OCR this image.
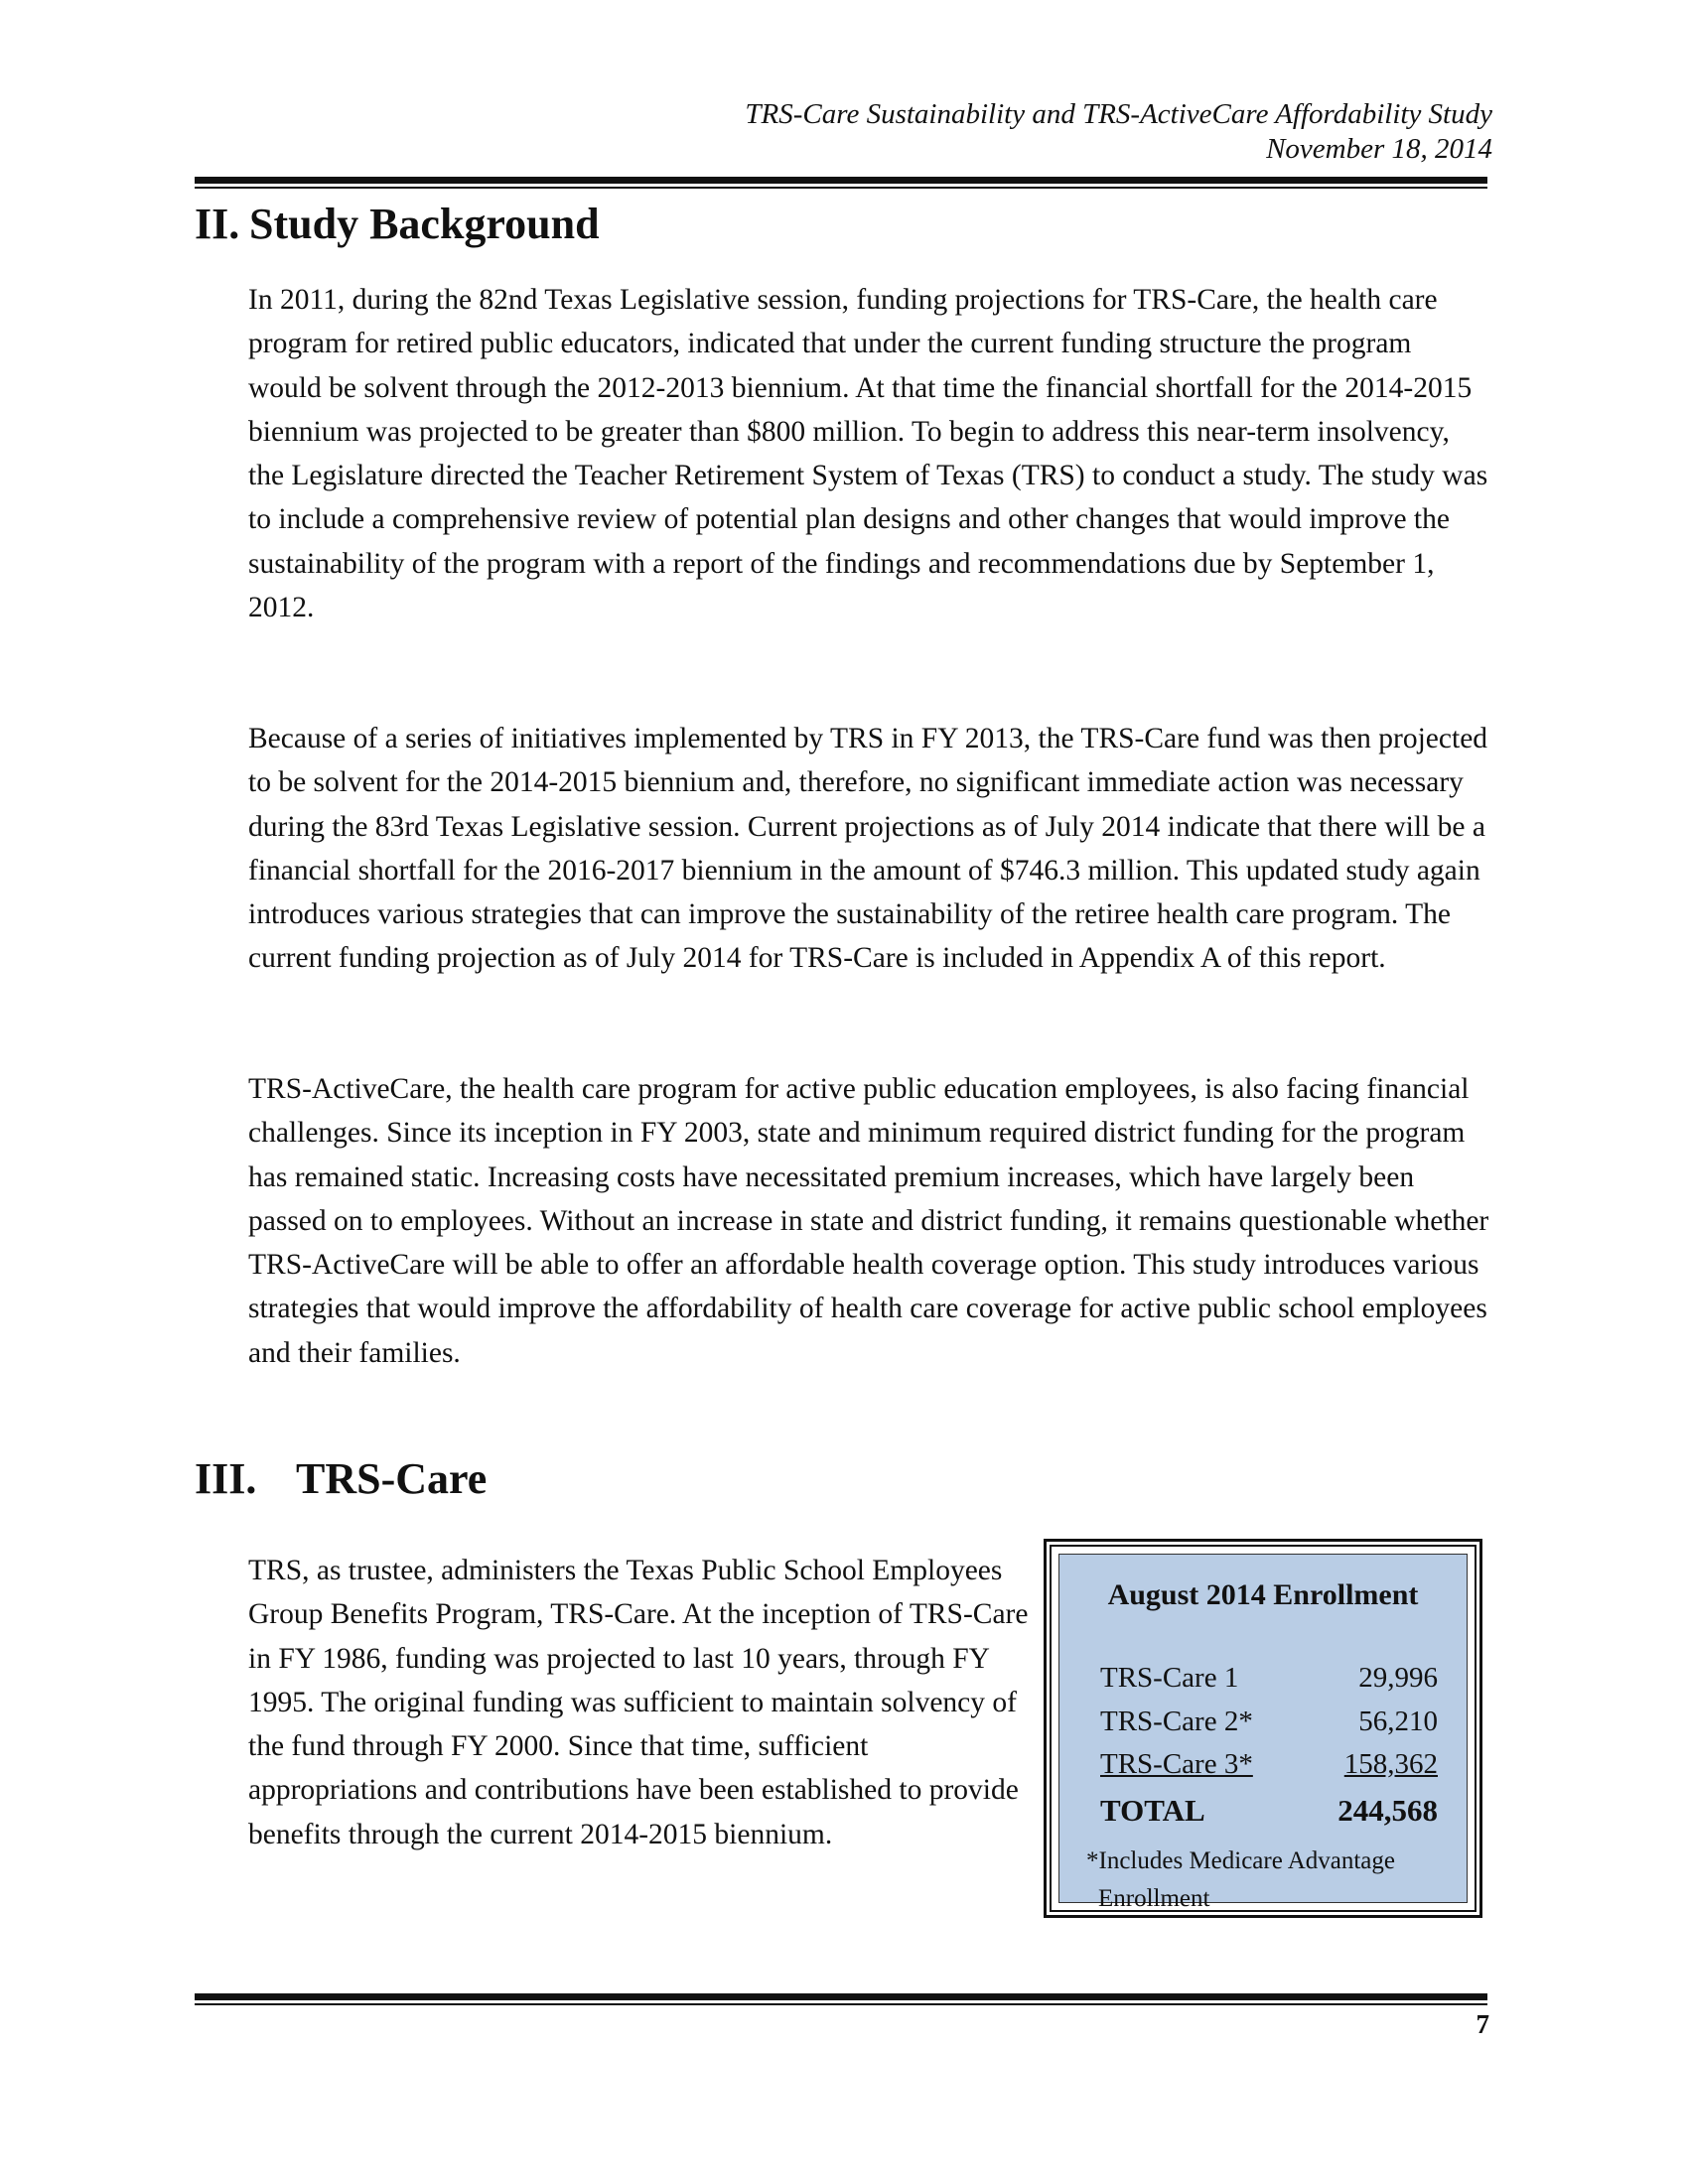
TRS-Care Sustainability and TRS-ActiveCare Affordability Study
November 18, 2014
II. Study Background

In 2011, during the 82nd Texas Legislative session, funding projections for TRS-Care, the health care program for retired public educators, indicated that under the current funding structure the program would be solvent through the 2012-2013 biennium. At that time the financial shortfall for the 2014-2015 biennium was projected to be greater than $800 million. To begin to address this near-term insolvency, the Legislature directed the Teacher Retirement System of Texas (TRS) to conduct a study. The study was to include a comprehensive review of potential plan designs and other changes that would improve the sustainability of the program with a report of the findings and recommendations due by September 1, 2012.

Because of a series of initiatives implemented by TRS in FY 2013, the TRS-Care fund was then projected to be solvent for the 2014-2015 biennium and, therefore, no significant immediate action was necessary during the 83rd Texas Legislative session. Current projections as of July 2014 indicate that there will be a financial shortfall for the 2016-2017 biennium in the amount of $746.3 million. This updated study again introduces various strategies that can improve the sustainability of the retiree health care program. The current funding projection as of July 2014 for TRS-Care is included in Appendix A of this report.

TRS-ActiveCare, the health care program for active public education employees, is also facing financial challenges. Since its inception in FY 2003, state and minimum required district funding for the program has remained static. Increasing costs have necessitated premium increases, which have largely been passed on to employees. Without an increase in state and district funding, it remains questionable whether TRS-ActiveCare will be able to offer an affordable health coverage option. This study introduces various strategies that would improve the affordability of health care coverage for active public school employees and their families.

III. TRS-Care

TRS, as trustee, administers the Texas Public School Employees Group Benefits Program, TRS-Care. At the inception of TRS-Care in FY 1986, funding was projected to last 10 years, through FY 1995. The original funding was sufficient to maintain solvency of the fund through FY 2000. Since that time, sufficient appropriations and contributions have been established to provide benefits through the current 2014-2015 biennium.

August 2014 Enrollment
TRS-Care 1	29,996
TRS-Care 2*	56,210
TRS-Care 3*	158,362
TOTAL	244,568
*Includes Medicare Advantage
Enrollment
7
